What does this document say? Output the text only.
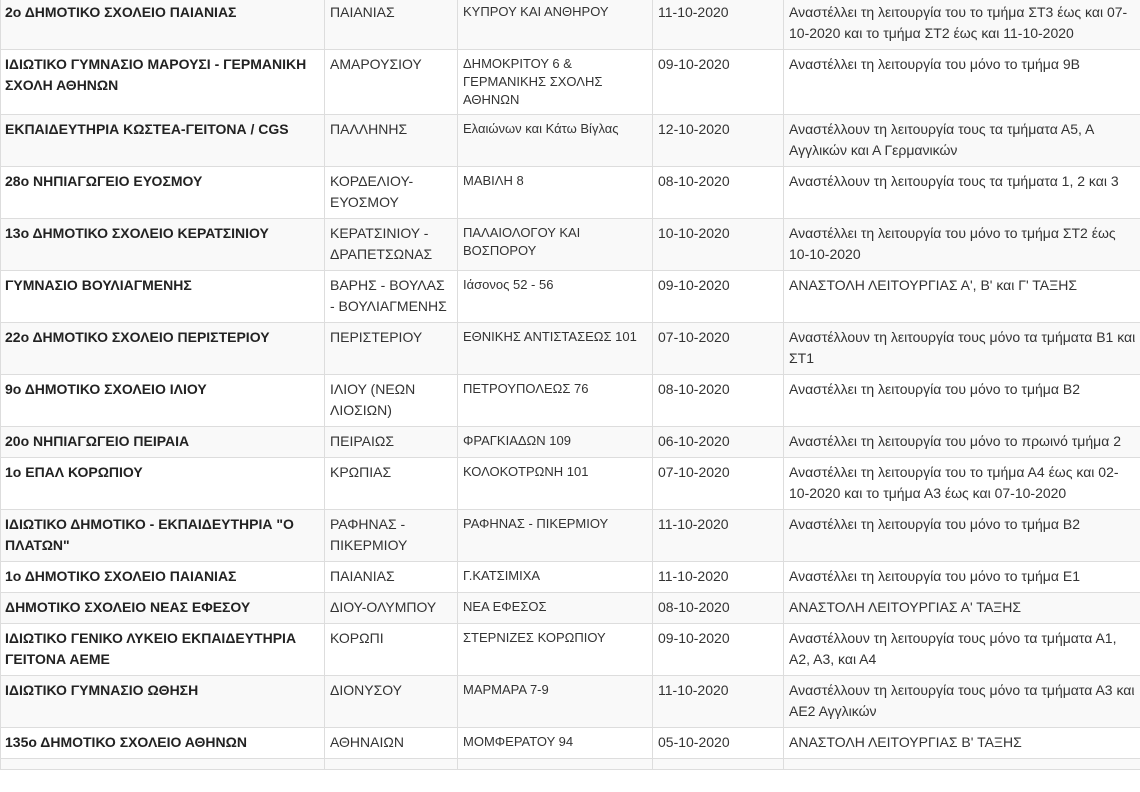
2ο ΔΗΜΟΤΙΚΟ ΣΧΟΛΕΙΟ ΠΑΙΑΝΙΑΣ	ΠΑΙΑΝΙΑΣ	ΚΥΠΡΟΥ ΚΑΙ ΑΝΘΗΡΟΥ	11-10-2020	Αναστέλλει τη λειτουργία του το τμήμα ΣΤ3 έως και 07-10-2020 και το τμήμα ΣΤ2 έως και 11-10-2020
ΙΔΙΩΤΙΚΟ ΓΥΜΝΑΣΙΟ ΜΑΡΟΥΣΙ - ΓΕΡΜΑΝΙΚΗ ΣΧΟΛΗ ΑΘΗΝΩΝ	ΑΜΑΡΟΥΣΙΟΥ	ΔΗΜΟΚΡΙΤΟΥ 6 & ΓΕΡΜΑΝΙΚΗΣ ΣΧΟΛΗΣ ΑΘΗΝΩΝ	09-10-2020	Αναστέλλει τη λειτουργία του μόνο το τμήμα 9Β
ΕΚΠΑΙΔΕΥΤΗΡΙΑ ΚΩΣΤΕΑ-ΓΕΙΤΟΝΑ / CGS	ΠΑΛΛΗΝΗΣ	Ελαιώνων και Κάτω Βίγλας	12-10-2020	Αναστέλλουν τη λειτουργία τους τα τμήματα Α5, Α Αγγλικών και Α Γερμανικών
28ο ΝΗΠΙΑΓΩΓΕΙΟ ΕΥΟΣΜΟΥ	ΚΟΡΔΕΛΙΟΥ-ΕΥΟΣΜΟΥ	ΜΑΒΙΛΗ 8	08-10-2020	Αναστέλλουν τη λειτουργία τους τα τμήματα 1, 2 και 3
13ο ΔΗΜΟΤΙΚΟ ΣΧΟΛΕΙΟ ΚΕΡΑΤΣΙΝΙΟΥ	ΚΕΡΑΤΣΙΝΙΟΥ - ΔΡΑΠΕΤΣΩΝΑΣ	ΠΑΛΑΙΟΛΟΓΟΥ ΚΑΙ ΒΟΣΠΟΡΟΥ	10-10-2020	Αναστέλλει τη λειτουργία του μόνο το τμήμα ΣΤ2 έως 10-10-2020
ΓΥΜΝΑΣΙΟ ΒΟΥΛΙΑΓΜΕΝΗΣ	ΒΑΡΗΣ - ΒΟΥΛΑΣ - ΒΟΥΛΙΑΓΜΕΝΗΣ	Ιάσονος 52 - 56	09-10-2020	ΑΝΑΣΤΟΛΗ ΛΕΙΤΟΥΡΓΙΑΣ Α', Β' και Γ' ΤΑΞΗΣ
22ο ΔΗΜΟΤΙΚΟ ΣΧΟΛΕΙΟ ΠΕΡΙΣΤΕΡΙΟΥ	ΠΕΡΙΣΤΕΡΙΟΥ	ΕΘΝΙΚΗΣ ΑΝΤΙΣΤΑΣΕΩΣ 101	07-10-2020	Αναστέλλουν τη λειτουργία τους μόνο τα τμήματα Β1 και ΣΤ1
9ο ΔΗΜΟΤΙΚΟ ΣΧΟΛΕΙΟ ΙΛΙΟΥ	ΙΛΙΟΥ (ΝΕΩΝ ΛΙΟΣΙΩΝ)	ΠΕΤΡΟΥΠΟΛΕΩΣ 76	08-10-2020	Αναστέλλει τη λειτουργία του μόνο το τμήμα Β2
20ο ΝΗΠΙΑΓΩΓΕΙΟ ΠΕΙΡΑΙΑ	ΠΕΙΡΑΙΩΣ	ΦΡΑΓΚΙΑΔΩΝ 109	06-10-2020	Αναστέλλει τη λειτουργία του μόνο το πρωινό τμήμα 2
1ο ΕΠΑΛ ΚΟΡΩΠΙΟΥ	ΚΡΩΠΙΑΣ	ΚΟΛΟΚΟΤΡΩΝΗ 101	07-10-2020	Αναστέλλει τη λειτουργία του το τμήμα Α4 έως και 02-10-2020 και το τμήμα Α3 έως και 07-10-2020
ΙΔΙΩΤΙΚΟ ΔΗΜΟΤΙΚΟ - ΕΚΠΑΙΔΕΥΤΗΡΙΑ "Ο ΠΛΑΤΩΝ"	ΡΑΦΗΝΑΣ - ΠΙΚΕΡΜΙΟΥ	ΡΑΦΗΝΑΣ - ΠΙΚΕΡΜΙΟΥ	11-10-2020	Αναστέλλει τη λειτουργία του μόνο το τμήμα Β2
1ο ΔΗΜΟΤΙΚΟ ΣΧΟΛΕΙΟ ΠΑΙΑΝΙΑΣ	ΠΑΙΑΝΙΑΣ	Γ.ΚΑΤΣΙΜΙΧΑ	11-10-2020	Αναστέλλει τη λειτουργία του μόνο το τμήμα Ε1
ΔΗΜΟΤΙΚΟ ΣΧΟΛΕΙΟ ΝΕΑΣ ΕΦΕΣΟΥ	ΔΙΟΥ-ΟΛΥΜΠΟΥ	ΝΕΑ ΕΦΕΣΟΣ	08-10-2020	ΑΝΑΣΤΟΛΗ ΛΕΙΤΟΥΡΓΙΑΣ Α' ΤΑΞΗΣ
ΙΔΙΩΤΙΚΟ ΓΕΝΙΚΟ ΛΥΚΕΙΟ ΕΚΠΑΙΔΕΥΤΗΡΙΑ ΓΕΙΤΟΝΑ ΑΕΜΕ	ΚΟΡΩΠΙ	ΣΤΕΡΝΙΖΕΣ ΚΟΡΩΠΙΟΥ	09-10-2020	Αναστέλλουν τη λειτουργία τους μόνο τα τμήματα Α1, Α2, Α3, και Α4
ΙΔΙΩΤΙΚΟ ΓΥΜΝΑΣΙΟ ΩΘΗΣΗ	ΔΙΟΝΥΣΟΥ	ΜΑΡΜΑΡΑ 7-9	11-10-2020	Αναστέλλουν τη λειτουργία τους μόνο τα τμήματα Α3 και ΑΕ2 Αγγλικών
135ο ΔΗΜΟΤΙΚΟ ΣΧΟΛΕΙΟ ΑΘΗΝΩΝ	ΑΘΗΝΑΙΩΝ	ΜΟΜΦΕΡΑΤΟΥ 94	05-10-2020	ΑΝΑΣΤΟΛΗ ΛΕΙΤΟΥΡΓΙΑΣ Β' ΤΑΞΗΣ
